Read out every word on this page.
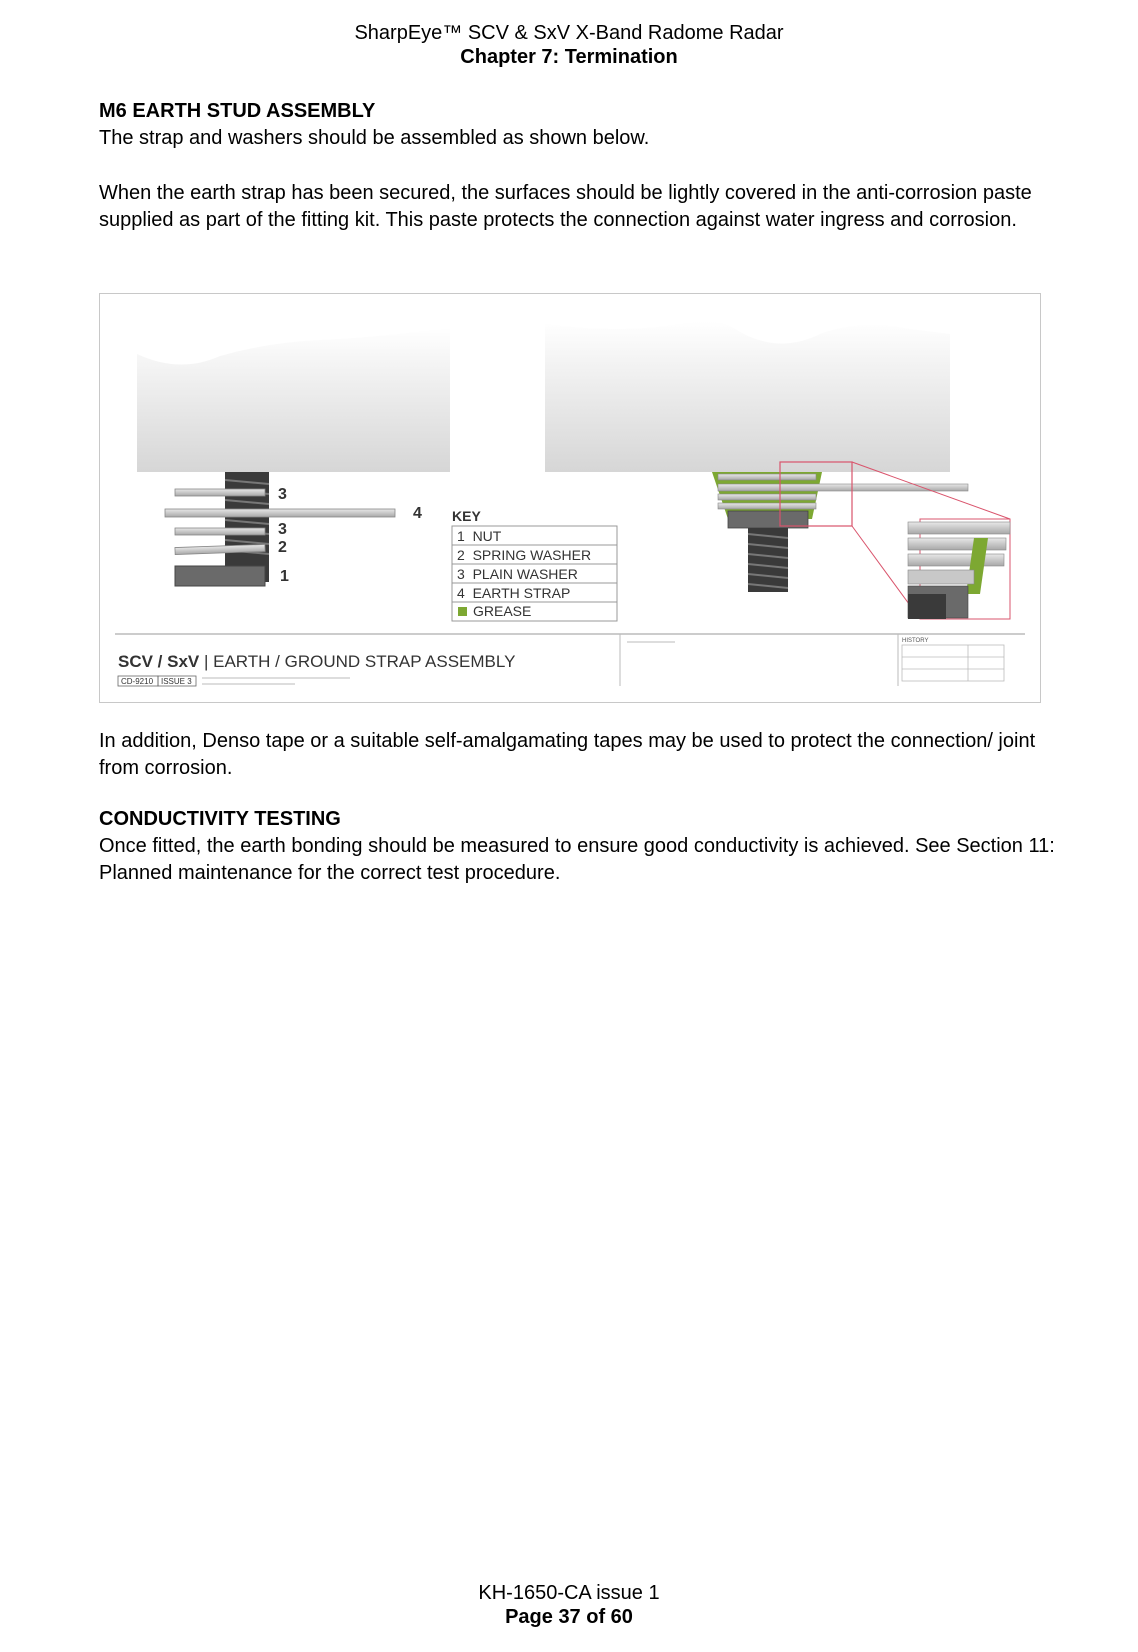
SharpEye™ SCV & SxV X-Band Radome Radar
Chapter 7: Termination

M6 EARTH STUD ASSEMBLY

The strap and washers should be assembled as shown below.

When the earth strap has been secured, the surfaces should be lightly covered in the anti-corrosion paste supplied as part of the fitting kit. This paste protects the connection against water ingress and corrosion.

3
4
3
2
1
KEY
1  NUT
2  SPRING WASHER
3  PLAIN WASHER
4  EARTH STRAP
GREASE
SCV / SxV | EARTH / GROUND STRAP ASSEMBLY
CD-9210 ISSUE 3
HISTORY

In addition, Denso tape or a suitable self-amalgamating tapes may be used to protect the connection/ joint from corrosion.

CONDUCTIVITY TESTING

Once fitted, the earth bonding should be measured to ensure good conductivity is achieved. See Section 11: Planned maintenance for the correct test procedure.

KH-1650-CA issue 1
Page 37 of 60
